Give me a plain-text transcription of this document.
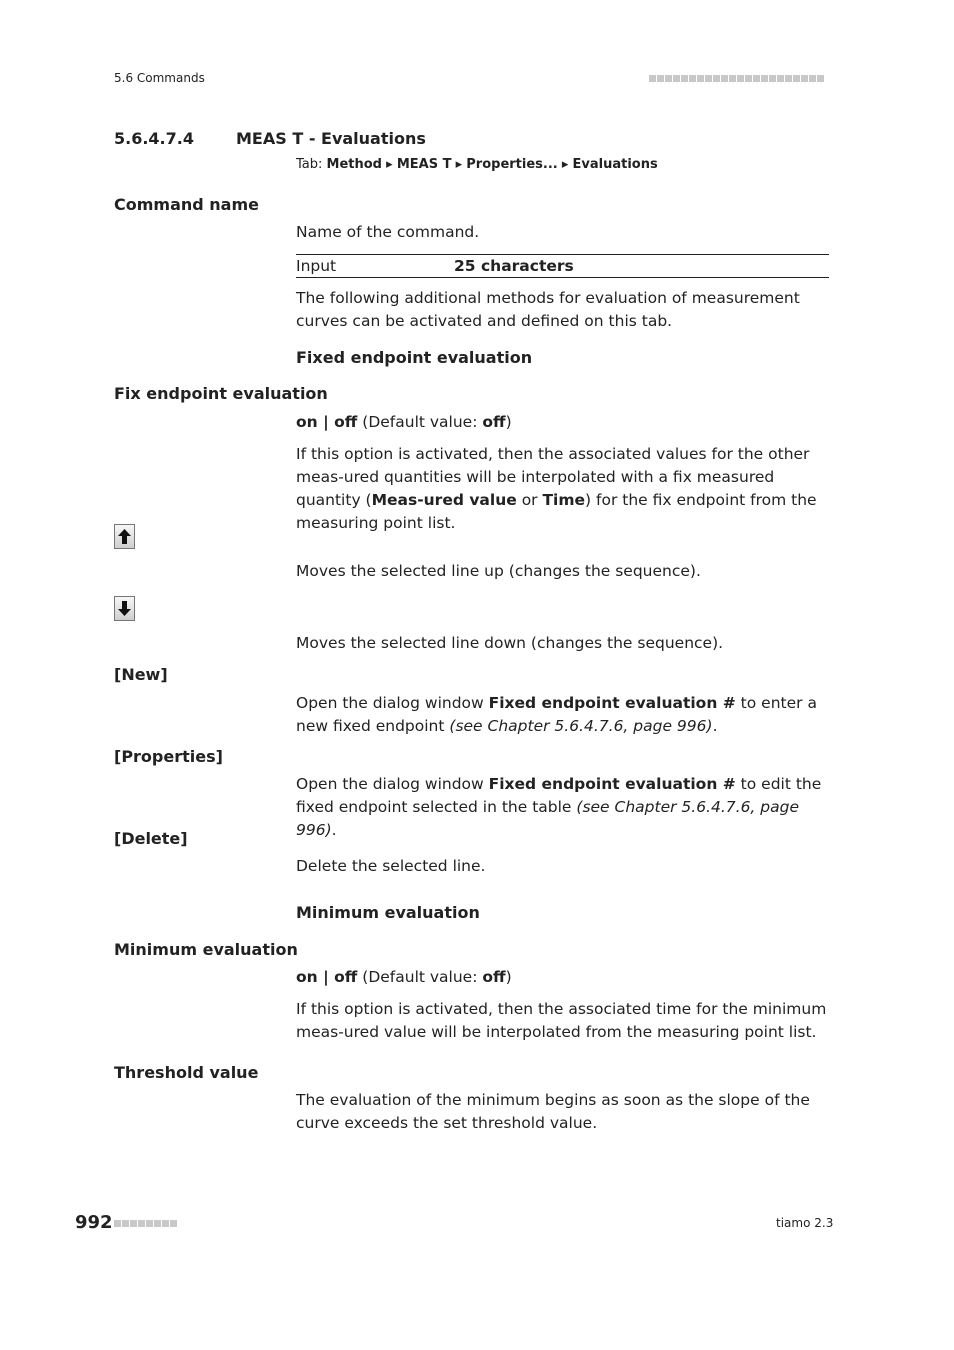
5.6 Commands
5.6.4.7.4	MEAS T - Evaluations
Tab: Method ▸ MEAS T ▸ Properties... ▸ Evaluations
Command name
Name of the command.
Input	25 characters
The following additional methods for evaluation of measurement curves can be activated and defined on this tab.
Fixed endpoint evaluation
Fix endpoint evaluation
on | off (Default value: off)
If this option is activated, then the associated values for the other meas-ured quantities will be interpolated with a fix measured quantity (Meas-ured value or Time) for the fix endpoint from the measuring point list.
Moves the selected line up (changes the sequence).
Moves the selected line down (changes the sequence).
[New]
Open the dialog window Fixed endpoint evaluation # to enter a new fixed endpoint (see Chapter 5.6.4.7.6, page 996).
[Properties]
Open the dialog window Fixed endpoint evaluation # to edit the fixed endpoint selected in the table (see Chapter 5.6.4.7.6, page 996).
[Delete]
Delete the selected line.
Minimum evaluation
Minimum evaluation
on | off (Default value: off)
If this option is activated, then the associated time for the minimum meas-ured value will be interpolated from the measuring point list.
Threshold value
The evaluation of the minimum begins as soon as the slope of the curve exceeds the set threshold value.
992	tiamo 2.3
